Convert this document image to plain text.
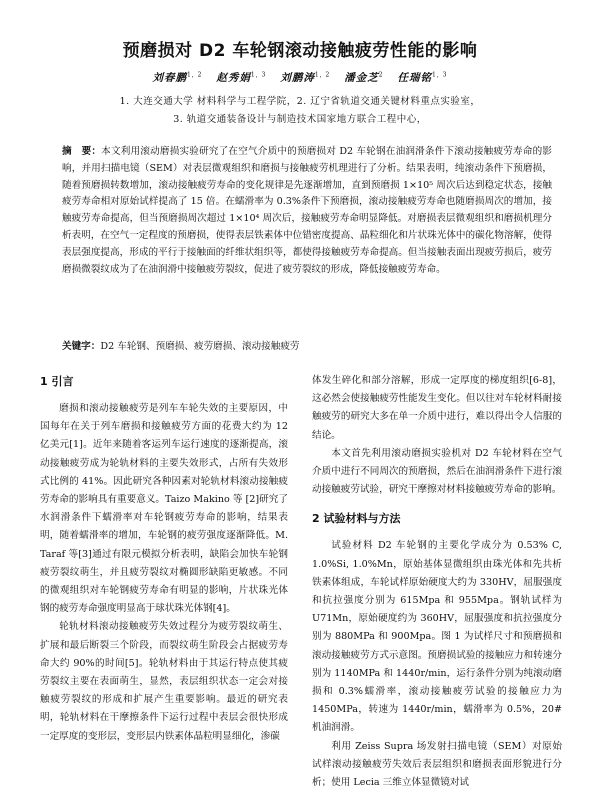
预磨损对 D2 车轮钢滚动接触疲劳性能的影响
刘春鹏$^{1, 2}$ 赵秀娟$^{1, 3}$ 刘鹏涛$^{1, 2}$ 潘金芝$^2$ 任瑞铭$^{1, 3}$
1. 大连交通大学 材料科学与工程学院，2. 辽宁省轨道交通关键材料重点实验室，
3. 轨道交通装备设计与制造技术国家地方联合工程中心，
摘　要：本文利用滚动磨损实验研究了在空气介质中的预磨损对 D2 车轮钢在油润滑条件下滚动接触疲劳寿命的影响，并用扫描电镜（SEM）对表层微观组织和磨损与接触疲劳机理进行了分析。结果表明，纯滚动条件下预磨损，随着预磨损转数增加，滚动接触疲劳寿命的变化规律是先逐渐增加，直到预磨损 1×10⁵ 周次后达到稳定状态，接触疲劳寿命相对原始试样提高了 15 倍。在蠕滑率为 0.3%条件下预磨损，滚动接触疲劳寿命也随磨损周次的增加，接触疲劳寿命提高，但当预磨损周次超过 1×10⁴ 周次后，接触疲劳寿命明显降低。对磨损表层微观组织和磨损机理分析表明，在空气一定程度的预磨损，使得表层铁素体中位错密度提高、晶粒细化和片状珠光体中的碳化物溶解，使得表层强度提高，形成的平行于接触面的纤维状组织等，都使得接触疲劳寿命提高。但当接触表面出现疲劳损后，疲劳磨损微裂纹成为了在油润滑中接触疲劳裂纹，促进了疲劳裂纹的形成，降低接触疲劳寿命。
关键字：D2 车轮钢、预磨损、疲劳磨损、滚动接触疲劳
1 引言

磨损和滚动接触疲劳是列车车轮失效的主要原因，中国每年在关于列车磨损和接触疲劳方面的花费大约为 12 亿美元[1]。近年来随着客运列车运行速度的逐渐提高，滚动接触疲劳成为轮轨材料的主要失效形式，占所有失效形式比例的 41%。因此研究各种因素对轮轨材料滚动接触疲劳寿命的影响具有重要意义。Taizo Makino 等 [2]研究了水润滑条件下蠕滑率对车轮钢疲劳寿命的影响，结果表明，随着蠕滑率的增加，车轮钢的疲劳强度逐渐降低。M. Taraf 等[3]通过有限元模拟分析表明，缺陷会加快车轮钢疲劳裂纹萌生，并且疲劳裂纹对椭圆形缺陷更敏感。不同的微观组织对车轮钢疲劳寿命有明显的影响，片状珠光体钢的疲劳寿命强度明显高于球状珠光体钢[4]。

轮轨材料滚动接触疲劳失效过程分为疲劳裂纹萌生、扩展和最后断裂三个阶段，而裂纹萌生阶段会占据疲劳寿命大约 90%的时间[5]。轮轨材料由于其运行特点使其疲劳裂纹主要在表面萌生，显然，表层组织状态一定会对接触疲劳裂纹的形成和扩展产生重要影响。最近的研究表明，轮轨材料在干摩擦条件下运行过程中表层会很快形成一定厚度的变形层，变形层内铁素体晶粒明显细化，渗碳

体发生碎化和部分溶解，形成一定厚度的梯度组织[6-8]，这必然会使接触疲劳性能发生变化。但以往对车轮材料耐接触疲劳的研究大多在单一介质中进行，难以得出令人信服的结论。

本文首先利用滚动磨损实验机对 D2 车轮材料在空气介质中进行不同周次的预磨损，然后在油润滑条件下进行滚动接触疲劳试验，研究干摩擦对材料接触疲劳寿命的影响。

2 试验材料与方法

试验材料 D2 车轮钢的主要化学成分为 0.53% C, 1.0%Si, 1.0%Mn，原始基体显微组织由珠光体和先共析铁素体组成，车轮试样原始硬度大约为 330HV，屈服强度和抗拉强度分别为 615Mpa 和 955Mpa。钢轨试样为 U71Mn，原始硬度约为 360HV，屈服强度和抗拉强度分别为 880MPa 和 900Mpa。图 1 为试样尺寸和预磨损和滚动接触疲劳方式示意图。预磨损试验的接触应力和转速分别为 1140MPa 和 1440r/min，运行条件分别为纯滚动磨损和 0.3%蠕滑率，滚动接触疲劳试验的接触应力为 1450MPa，转速为 1440r/min，蠕滑率为 0.5%，20#机油润滑。

利用 Zeiss Supra 场发射扫描电镜（SEM）对原始试样滚动接触疲劳失效后表层组织和磨损表面形貌进行分析；使用 Lecia 三维立体显微镜对试
